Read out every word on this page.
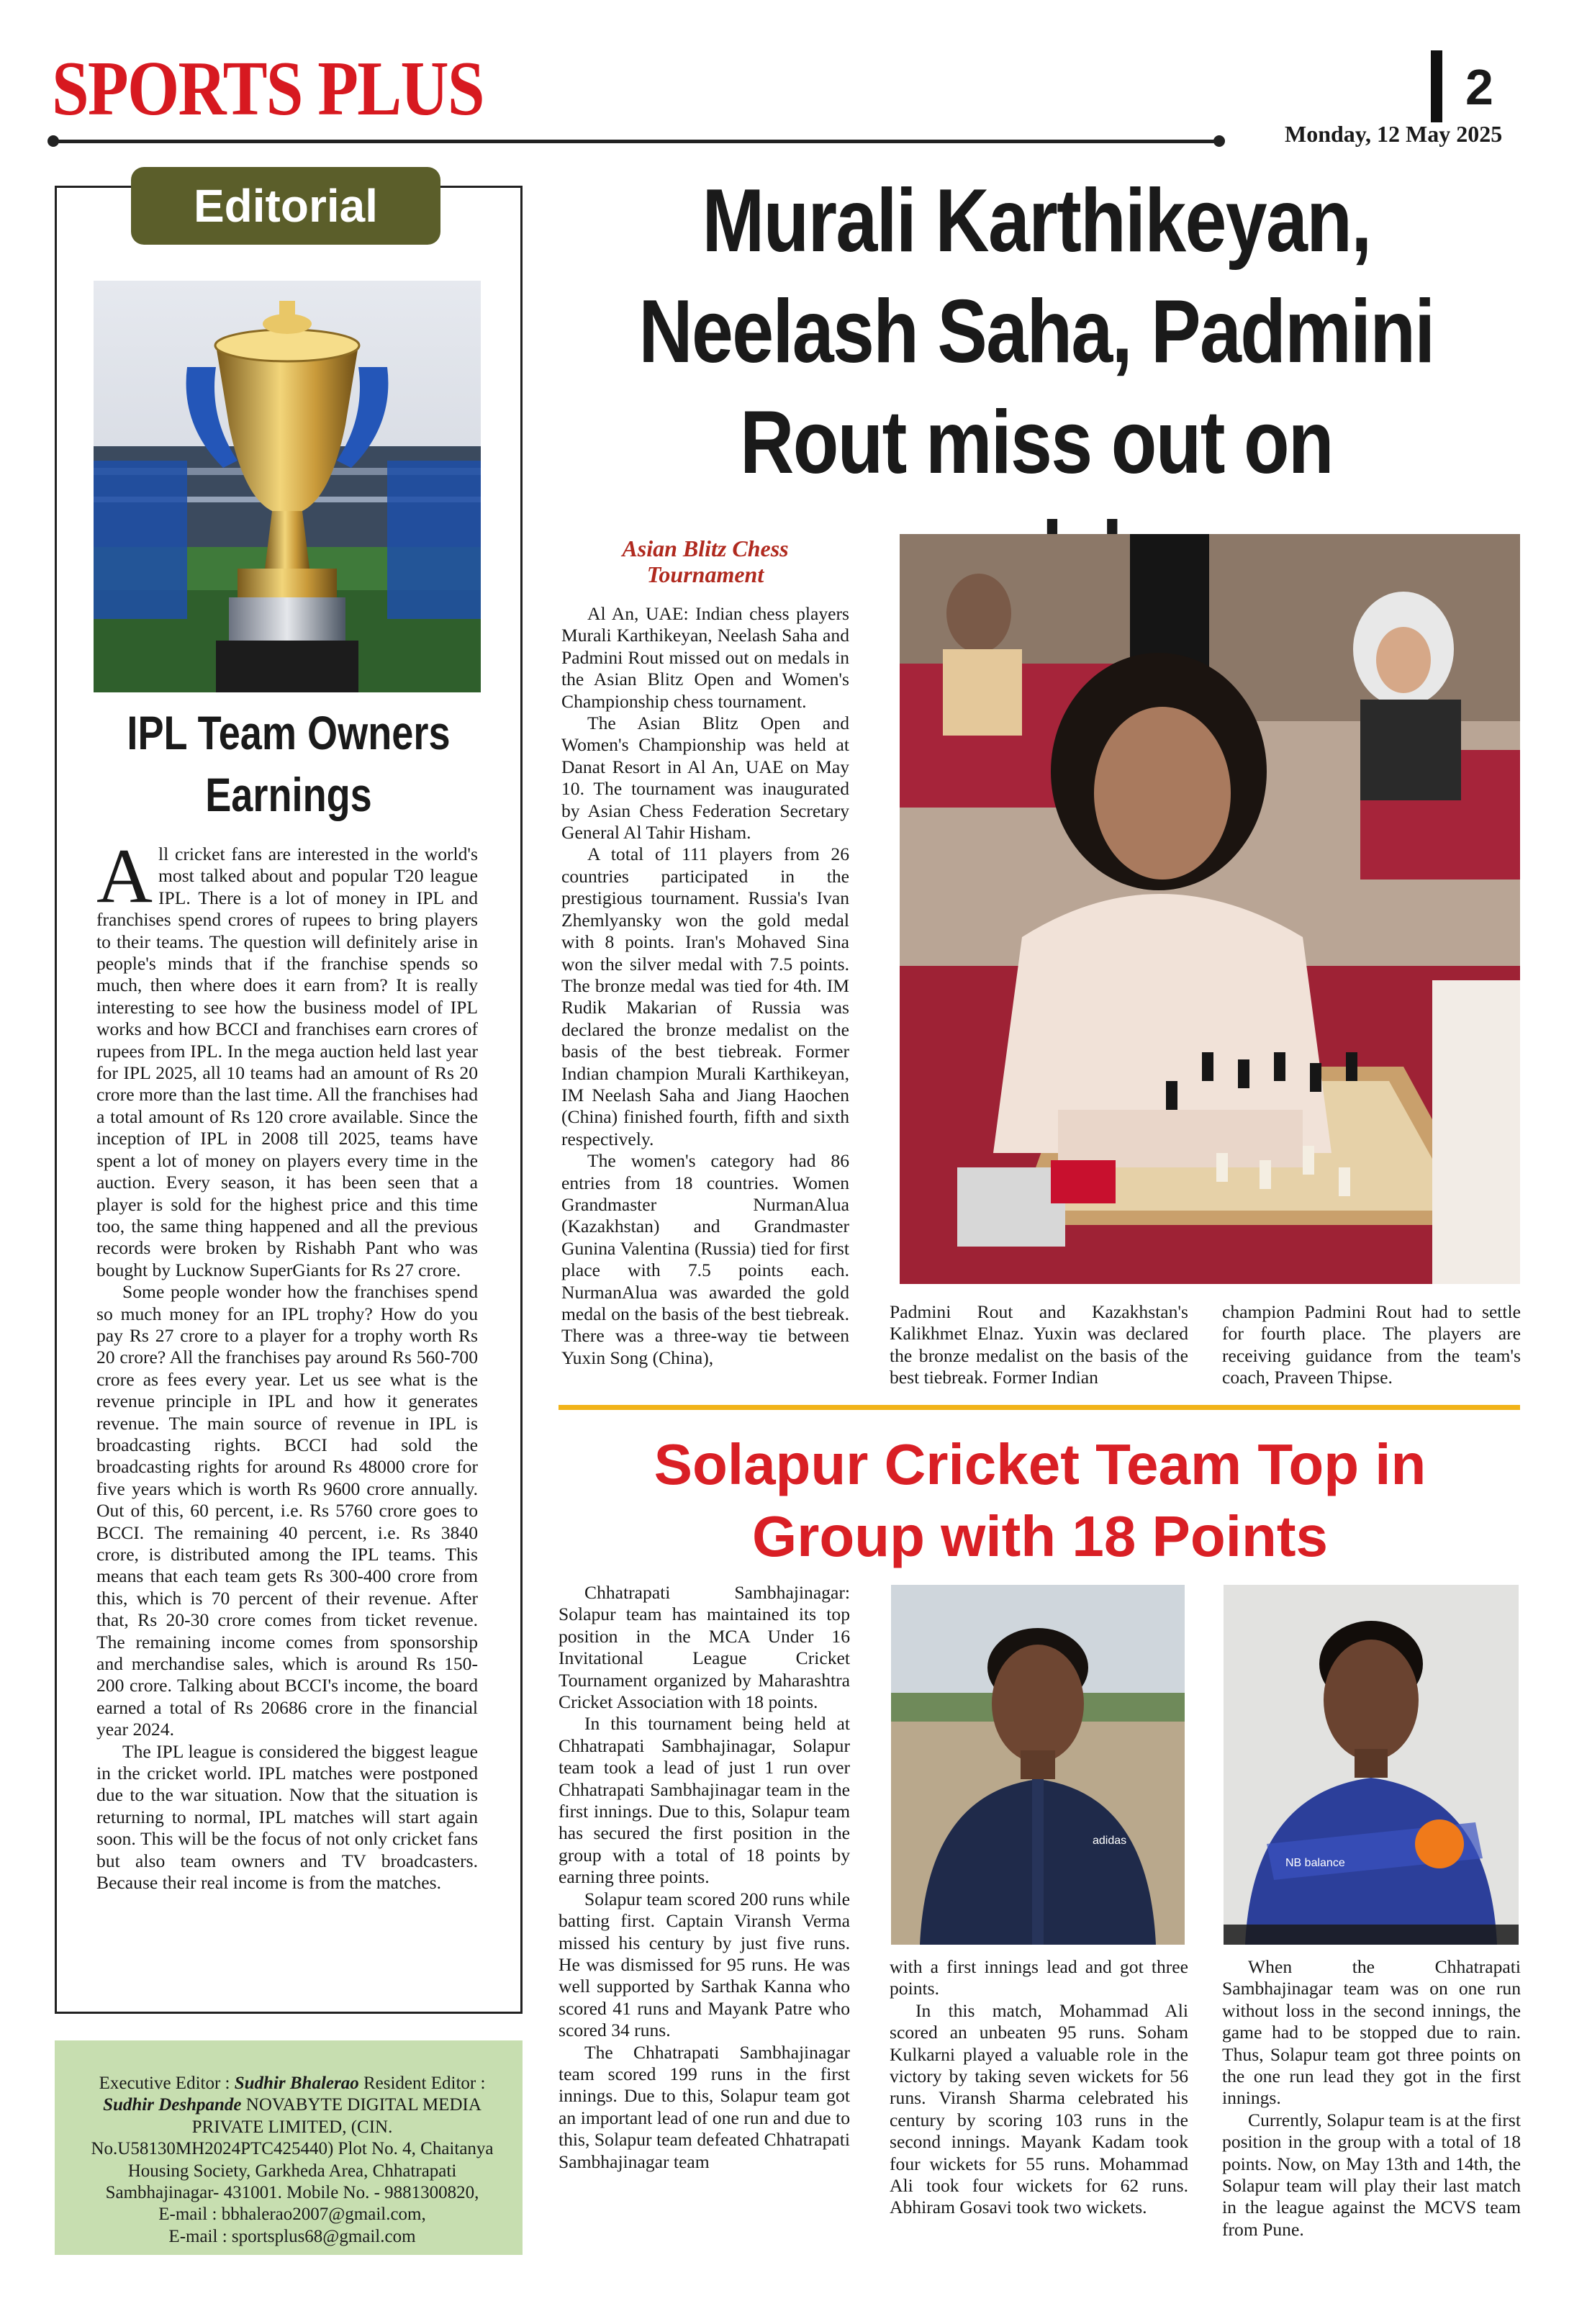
SPORTS PLUS	2
Monday, 12 May 2025
Editorial
IPL Team Owners Earnings

All cricket fans are interested in the world's most talked about and popular T20 league IPL. There is a lot of money in IPL and franchises spend crores of rupees to bring players to their teams. The question will definitely arise in people's minds that if the franchise spends so much, then where does it earn from? It is really interesting to see how the business model of IPL works and how BCCI and franchises earn crores of rupees from IPL. In the mega auction held last year for IPL 2025, all 10 teams had an amount of Rs 20 crore more than the last time. All the franchises had a total amount of Rs 120 crore available. Since the inception of IPL in 2008 till 2025, teams have spent a lot of money on players every time in the auction. Every season, it has been seen that a player is sold for the highest price and this time too, the same thing happened and all the previous records were broken by Rishabh Pant who was bought by Lucknow SuperGiants for Rs 27 crore.

Some people wonder how the franchises spend so much money for an IPL trophy? How do you pay Rs 27 crore to a player for a trophy worth Rs 20 crore? All the franchises pay around Rs 560-700 crore as fees every year. Let us see what is the revenue principle in IPL and how it generates revenue. The main source of revenue in IPL is broadcasting rights. BCCI had sold the broadcasting rights for around Rs 48000 crore for five years which is worth Rs 9600 crore annually. Out of this, 60 percent, i.e. Rs 5760 crore goes to BCCI. The remaining 40 percent, i.e. Rs 3840 crore, is distributed among the IPL teams. This means that each team gets Rs 300-400 crore from this, which is 70 percent of their revenue. After that, Rs 20-30 crore comes from ticket revenue. The remaining income comes from sponsorship and merchandise sales, which is around Rs 150-200 crore. Talking about BCCI's income, the board earned a total of Rs 20686 crore in the financial year 2024.

The IPL league is considered the biggest league in the cricket world. IPL matches were postponed due to the war situation. Now that the situation is returning to normal, IPL matches will start again soon. This will be the focus of not only cricket fans but also team owners and TV broadcasters. Because their real income is from the matches.

Executive Editor : Sudhir Bhalerao Resident Editor : Sudhir Deshpande NOVABYTE DIGITAL MEDIA PRIVATE LIMITED, (CIN. No.U58130MH2024PTC425440) Plot No. 4, Chaitanya Housing Society, Garkheda Area, Chhatrapati Sambhajinagar- 431001. Mobile No. - 9881300820,
E-mail : bbhalerao2007@gmail.com,
E-mail : sportsplus68@gmail.com
Murali Karthikeyan, Neelash Saha, Padmini Rout miss out on
Asian Blitz Chess Tournament

Al An, UAE: Indian chess players Murali Karthikeyan, Neelash Saha and Padmini Rout missed out on medals in the Asian Blitz Open and Women's Championship chess tournament.

The Asian Blitz Open and Women's Championship was held at Danat Resort in Al An, UAE on May 10. The tournament was inaugurated by Asian Chess Federation Secretary General Al Tahir Hisham.

A total of 111 players from 26 countries participated in the prestigious tournament. Russia's Ivan Zhemlyansky won the gold medal with 8 points. Iran's Mohaved Sina won the silver medal with 7.5 points. The bronze medal was tied for 4th. IM Rudik Makarian of Russia was declared the bronze medalist on the basis of the best tiebreak. Former Indian champion Murali Karthikeyan, IM Neelash Saha and Jiang Haochen (China) finished fourth, fifth and sixth respectively.

The women's category had 86 entries from 18 countries. Women Grandmaster NurmanAlua (Kazakhstan) and Grandmaster Gunina Valentina (Russia) tied for first place with 7.5 points each. NurmanAlua was awarded the gold medal on the basis of the best tiebreak. There was a three-way tie between Yuxin Song (China),

Padmini Rout and Kazakhstan's Kalikhmet Elnaz. Yuxin was declared the bronze medalist on the basis of the best tiebreak. Former Indian

champion Padmini Rout had to settle for fourth place. The players are receiving guidance from the team's coach, Praveen Thipse.

Solapur Cricket Team Top in Group with 18 Points

Chhatrapati Sambhajinagar: Solapur team has maintained its top position in the MCA Under 16 Invitational League Cricket Tournament organized by Maharashtra Cricket Association with 18 points.

In this tournament being held at Chhatrapati Sambhajinagar, Solapur team took a lead of just 1 run over Chhatrapati Sambhajinagar team in the first innings. Due to this, Solapur team has secured the first position in the group with a total of 18 points by earning three points.

Solapur team scored 200 runs while batting first. Captain Viransh Verma missed his century by just five runs. He was dismissed for 95 runs. He was well supported by Sarthak Kanna who scored 41 runs and Mayank Patre who scored 34 runs.

The Chhatrapati Sambhajinagar team scored 199 runs in the first innings. Due to this, Solapur team got an important lead of one run and due to this, Solapur team defeated Chhatrapati Sambhajinagar team

adidas
NB balance

with a first innings lead and got three points.

In this match, Mohammad Ali scored an unbeaten 95 runs. Soham Kulkarni played a valuable role in the victory by taking seven wickets for 56 runs. Viransh Sharma celebrated his century by scoring 103 runs in the second innings. Mayank Kadam took four wickets for 55 runs. Mohammad Ali took four wickets for 62 runs. Abhiram Gosavi took two wickets.

When the Chhatrapati Sambhajinagar team was on one run without loss in the second innings, the game had to be stopped due to rain. Thus, Solapur team got three points on the one run lead they got in the first innings.

Currently, Solapur team is at the first position in the group with a total of 18 points. Now, on May 13th and 14th, the Solapur team will play their last match in the league against the MCVS team from Pune.
